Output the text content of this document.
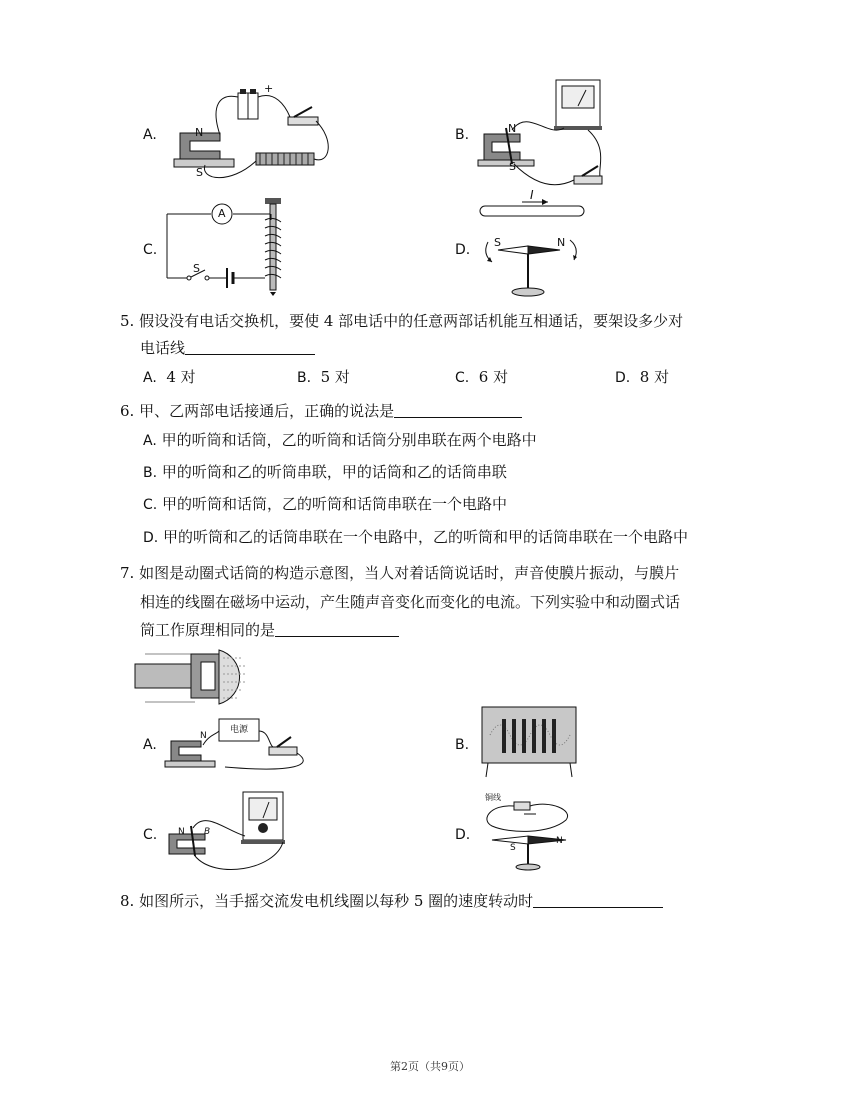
A.	N
S
+
B.	N
S
C.
A
S
D.
I
S	N
5. 假设没有电话交换机，要使 4 部电话中的任意两部话机能互相通话，要架设多少对
电话线
A. 4 对	B. 5 对	C. 6 对	D. 8 对
6. 甲、乙两部电话接通后，正确的说法是
A. 甲的听筒和话筒，乙的听筒和话筒分别串联在两个电路中
B. 甲的听筒和乙的听筒串联，甲的话筒和乙的话筒串联
C. 甲的听筒和话筒，乙的听筒和话筒串联在一个电路中
D. 甲的听筒和乙的话筒串联在一个电路中，乙的听筒和甲的话筒串联在一个电路中
7. 如图是动圈式话筒的构造示意图，当人对着话筒说话时，声音使膜片振动，与膜片
相连的线圈在磁场中运动，产生随声音变化而变化的电流。下列实验中和动圈式话
筒工作原理相同的是
A.
电源
N
B.
C. N B	D.
铜线
S
N
8. 如图所示，当手摇交流发电机线圈以每秒 5 圈的速度转动时
第2页（共9页）
